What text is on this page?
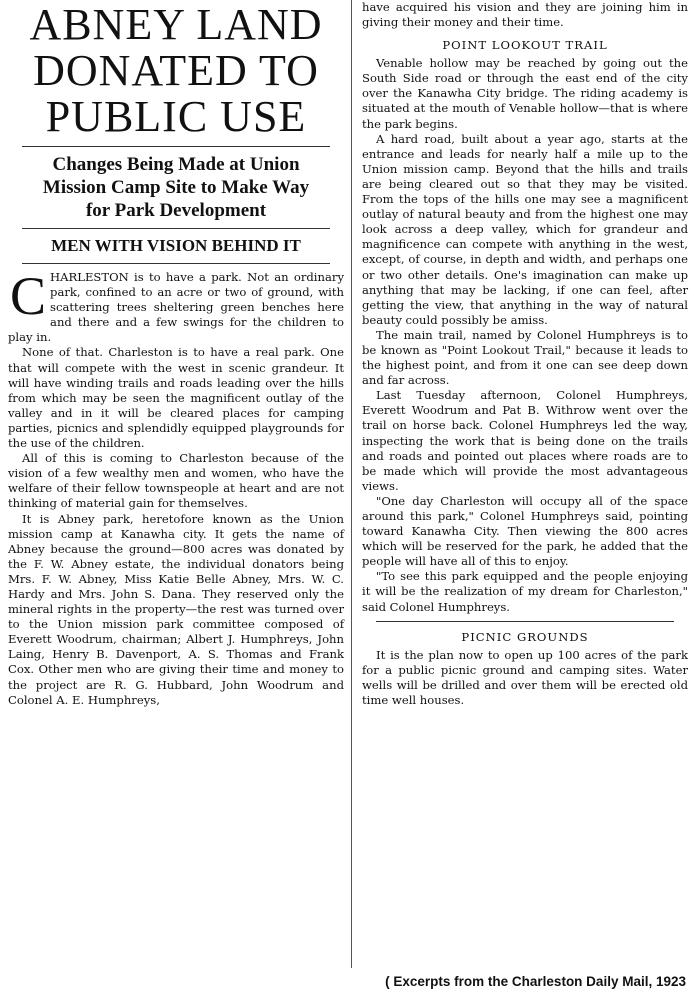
ABNEY LAND
DONATED TO
PUBLIC USE
Changes Being Made at Union
Mission Camp Site to Make Way
for Park Development
MEN WITH VISION BEHIND IT

C HARLESTON is to have a park. Not an ordinary park, confined to an acre or two of ground, with scattering trees sheltering green benches here and there and a few swings for the children to play in.

None of that. Charleston is to have a real park. One that will compete with the west in scenic grandeur. It will have winding trails and roads leading over the hills from which may be seen the magnificent outlay of the valley and in it will be cleared places for camping parties, picnics and splendidly equipped playgrounds for the use of the children.

All of this is coming to Charleston because of the vision of a few wealthy men and women, who have the welfare of their fellow townspeople at heart and are not thinking of material gain for themselves.

It is Abney park, heretofore known as the Union mission camp at Kanawha city. It gets the name of Abney because the ground—800 acres was donated by the F. W. Abney estate, the individual donators being Mrs. F. W. Abney, Miss Katie Belle Abney, Mrs. W. C. Hardy and Mrs. John S. Dana. They reserved only the mineral rights in the property—the rest was turned over to the Union mission park committee composed of Everett Woodrum, chairman; Albert J. Humphreys, John Laing, Henry B. Davenport, A. S. Thomas and Frank Cox. Other men who are giving their time and money to the project are R. G. Hubbard, John Woodrum and Colonel A. E. Humphreys,

have acquired his vision and they are joining him in giving their money and their time.

POINT LOOKOUT TRAIL

Venable hollow may be reached by going out the South Side road or through the east end of the city over the Kanawha City bridge. The riding academy is situated at the mouth of Venable hollow—that is where the park begins.

A hard road, built about a year ago, starts at the entrance and leads for nearly half a mile up to the Union mission camp. Beyond that the hills and trails are being cleared out so that they may be visited. From the tops of the hills one may see a magnificent outlay of natural beauty and from the highest one may look across a deep valley, which for grandeur and magnificence can compete with anything in the west, except, of course, in depth and width, and perhaps one or two other details. One's imagination can make up anything that may be lacking, if one can feel, after getting the view, that anything in the way of natural beauty could possibly be amiss.

The main trail, named by Colonel Humphreys is to be known as "Point Lookout Trail," because it leads to the highest point, and from it one can see deep down and far across.

Last Tuesday afternoon, Colonel Humphreys, Everett Woodrum and Pat B. Withrow went over the trail on horse back. Colonel Humphreys led the way, inspecting the work that is being done on the trails and roads and pointed out places where roads are to be made which will provide the most advantageous views.

"One day Charleston will occupy all of the space around this park," Colonel Humphreys said, pointing toward Kanawha City. Then viewing the 800 acres which will be reserved for the park, he added that the people will have all of this to enjoy.

"To see this park equipped and the people enjoying it will be the realization of my dream for Charleston," said Colonel Humphreys.

PICNIC GROUNDS

It is the plan now to open up 100 acres of the park for a public picnic ground and camping sites. Water wells will be drilled and over them will be erected old time well houses.

( Excerpts from the Charleston Daily Mail, 1923
